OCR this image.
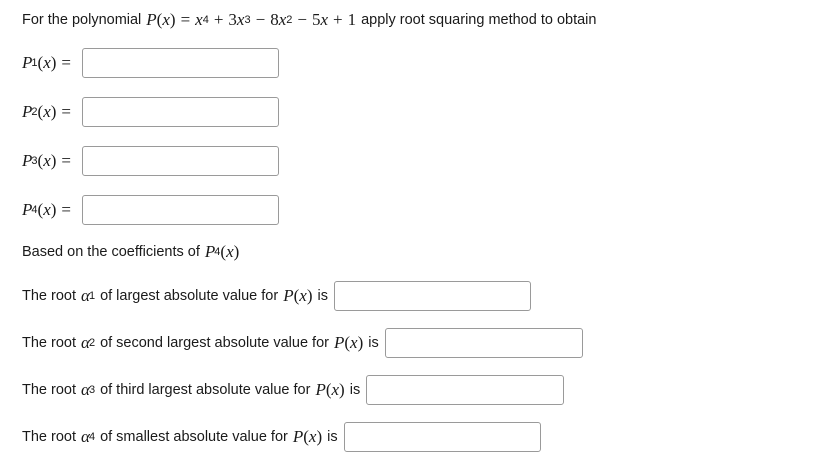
For the polynomial P ( x ) = x 4 + 3 x 3 − 8 x 2 − 5 x + 1 apply root squaring method to obtain
P 1 ( x ) =
P 2 ( x ) =
P 3 ( x ) =
P 4 ( x ) =
Based on the coefficients of P 4 ( x )
The root α 1 of largest absolute value for P ( x ) is
The root α 2 of second largest absolute value for P ( x ) is
The root α 3 of third largest absolute value for P ( x ) is
The root α 4 of smallest absolute value for P ( x ) is
